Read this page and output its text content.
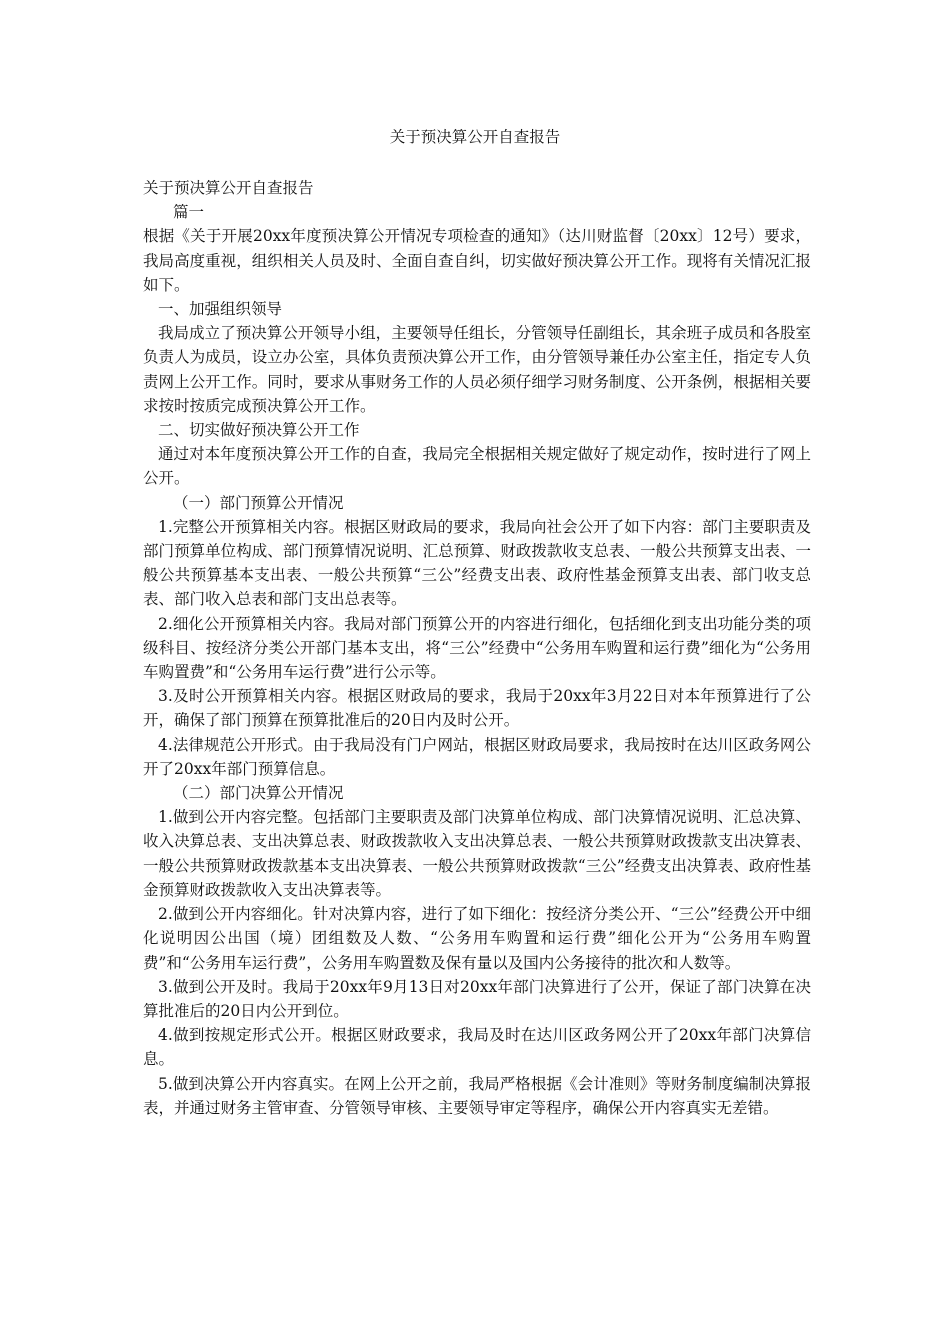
关于预决算公开自查报告

关于预决算公开自查报告

篇一

根据《关于开展20xx年度预决算公开情况专项检查的通知》（达川财监督〔20xx〕12号）要求，我局高度重视，组织相关人员及时、全面自查自纠，切实做好预决算公开工作。现将有关情况汇报如下。

一、加强组织领导

我局成立了预决算公开领导小组，主要领导任组长，分管领导任副组长，其余班子成员和各股室负责人为成员，设立办公室，具体负责预决算公开工作，由分管领导兼任办公室主任，指定专人负责网上公开工作。同时，要求从事财务工作的人员必须仔细学习财务制度、公开条例，根据相关要求按时按质完成预决算公开工作。

二、切实做好预决算公开工作

通过对本年度预决算公开工作的自查，我局完全根据相关规定做好了规定动作，按时进行了网上公开。

（一）部门预算公开情况

1.完整公开预算相关内容。根据区财政局的要求，我局向社会公开了如下内容：部门主要职责及部门预算单位构成、部门预算情况说明、汇总预算、财政拨款收支总表、一般公共预算支出表、一般公共预算基本支出表、一般公共预算“三公”经费支出表、政府性基金预算支出表、部门收支总表、部门收入总表和部门支出总表等。

2.细化公开预算相关内容。我局对部门预算公开的内容进行细化，包括细化到支出功能分类的项级科目、按经济分类公开部门基本支出，将“三公”经费中“公务用车购置和运行费”细化为“公务用车购置费”和“公务用车运行费”进行公示等。

3.及时公开预算相关内容。根据区财政局的要求，我局于20xx年3月22日对本年预算进行了公开，确保了部门预算在预算批准后的20日内及时公开。

4.法律规范公开形式。由于我局没有门户网站，根据区财政局要求，我局按时在达川区政务网公开了20xx年部门预算信息。

（二）部门决算公开情况

1.做到公开内容完整。包括部门主要职责及部门决算单位构成、部门决算情况说明、汇总决算、收入决算总表、支出决算总表、财政拨款收入支出决算总表、一般公共预算财政拨款支出决算表、一般公共预算财政拨款基本支出决算表、一般公共预算财政拨款“三公”经费支出决算表、政府性基金预算财政拨款收入支出决算表等。

2.做到公开内容细化。针对决算内容，进行了如下细化：按经济分类公开、“三公”经费公开中细化说明因公出国（境）团组数及人数、“公务用车购置和运行费”细化公开为“公务用车购置费”和“公务用车运行费”，公务用车购置数及保有量以及国内公务接待的批次和人数等。

3.做到公开及时。我局于20xx年9月13日对20xx年部门决算进行了公开，保证了部门决算在决算批准后的20日内公开到位。

4.做到按规定形式公开。根据区财政要求，我局及时在达川区政务网公开了20xx年部门决算信息。

5.做到决算公开内容真实。在网上公开之前，我局严格根据《会计准则》等财务制度编制决算报表，并通过财务主管审查、分管领导审核、主要领导审定等程序，确保公开内容真实无差错。
